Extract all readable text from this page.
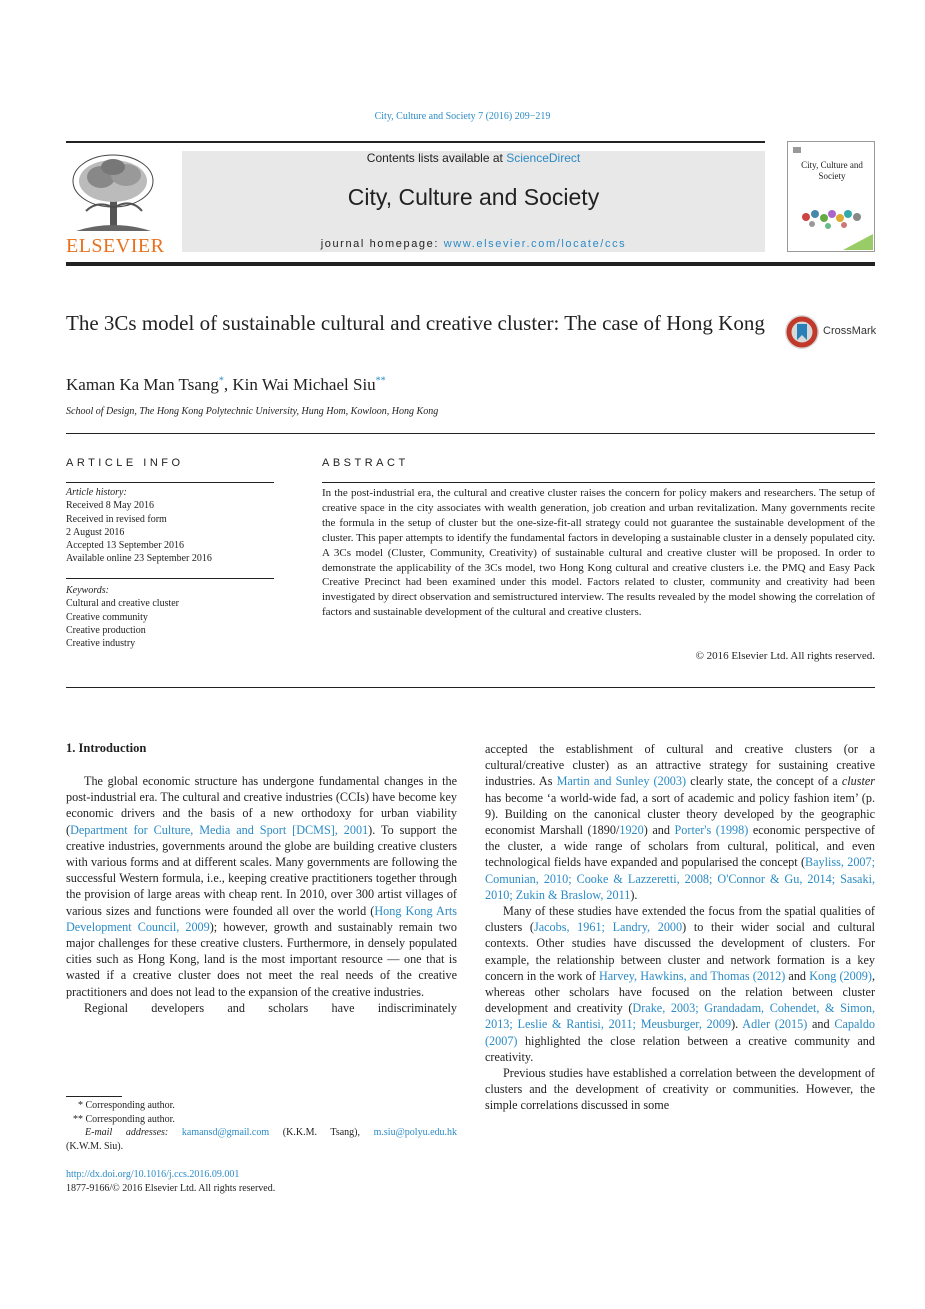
City, Culture and Society 7 (2016) 209−219
ELSEVIER
Contents lists available at ScienceDirect
City, Culture and Society
journal homepage: www.elsevier.com/locate/ccs
City, Culture and Society
The 3Cs model of sustainable cultural and creative cluster: The case of Hong Kong	CrossMark
Kaman Ka Man Tsang*, Kin Wai Michael Siu**
School of Design, The Hong Kong Polytechnic University, Hung Hom, Kowloon, Hong Kong
ARTICLE INFO
Article history:
Received 8 May 2016
Received in revised form
2 August 2016
Accepted 13 September 2016
Available online 23 September 2016
Keywords:
Cultural and creative cluster
Creative community
Creative production
Creative industry
ABSTRACT
In the post-industrial era, the cultural and creative cluster raises the concern for policy makers and researchers. The setup of creative space in the city associates with wealth generation, job creation and urban revitalization. Many governments recite the formula in the setup of cluster but the one-size-fit-all strategy could not guarantee the sustainable development of the cluster. This paper attempts to identify the fundamental factors in developing a sustainable cluster in a densely populated city. A 3Cs model (Cluster, Community, Creativity) of sustainable cultural and creative cluster will be proposed. In order to demonstrate the applicability of the 3Cs model, two Hong Kong cultural and creative clusters i.e. the PMQ and Easy Pack Creative Precinct had been examined under this model. Factors related to cluster, community and creativity had been investigated by direct observation and semistructured interview. The results revealed by the model showing the correlation of factors and sustainable development of the cultural and creative clusters.
© 2016 Elsevier Ltd. All rights reserved.
1. Introduction

The global economic structure has undergone fundamental changes in the post-industrial era. The cultural and creative industries (CCIs) have become key economic drivers and the basis of a new orthodoxy for urban viability (Department for Culture, Media and Sport [DCMS], 2001). To support the creative industries, governments around the globe are building creative clusters with various forms and at different scales. Many governments are following the successful Western formula, i.e., keeping creative practitioners together through the provision of large areas with cheap rent. In 2010, over 300 artist villages of various sizes and functions were founded all over the world (Hong Kong Arts Development Council, 2009); however, growth and sustainably remain two major challenges for these creative clusters. Furthermore, in densely populated cities such as Hong Kong, land is the most important resource — one that is wasted if a creative cluster does not meet the real needs of the creative practitioners and does not lead to the expansion of the creative industries.

Regional developers and scholars have indiscriminately

* Corresponding author.
** Corresponding author.
E-mail addresses: kamansd@gmail.com (K.K.M. Tsang), m.siu@polyu.edu.hk
(K.W.M. Siu).
http://dx.doi.org/10.1016/j.ccs.2016.09.001
1877-9166/© 2016 Elsevier Ltd. All rights reserved.

accepted the establishment of cultural and creative clusters (or a cultural/creative cluster) as an attractive strategy for sustaining creative industries. As Martin and Sunley (2003) clearly state, the concept of a cluster has become ‘a world-wide fad, a sort of academic and policy fashion item’ (p. 9). Building on the canonical cluster theory developed by the geographic economist Marshall (1890/1920) and Porter's (1998) economic perspective of the cluster, a wide range of scholars from cultural, political, and even technological fields have expanded and popularised the concept (Bayliss, 2007; Comunian, 2010; Cooke & Lazzeretti, 2008; O'Connor & Gu, 2014; Sasaki, 2010; Zukin & Braslow, 2011).

Many of these studies have extended the focus from the spatial qualities of clusters (Jacobs, 1961; Landry, 2000) to their wider social and cultural contexts. Other studies have discussed the development of clusters. For example, the relationship between cluster and network formation is a key concern in the work of Harvey, Hawkins, and Thomas (2012) and Kong (2009), whereas other scholars have focused on the relation between cluster development and creativity (Drake, 2003; Grandadam, Cohendet, & Simon, 2013; Leslie & Rantisi, 2011; Meusburger, 2009). Adler (2015) and Capaldo (2007) highlighted the close relation between a creative community and creativity.

Previous studies have established a correlation between the development of clusters and the development of creativity or communities. However, the simple correlations discussed in some
